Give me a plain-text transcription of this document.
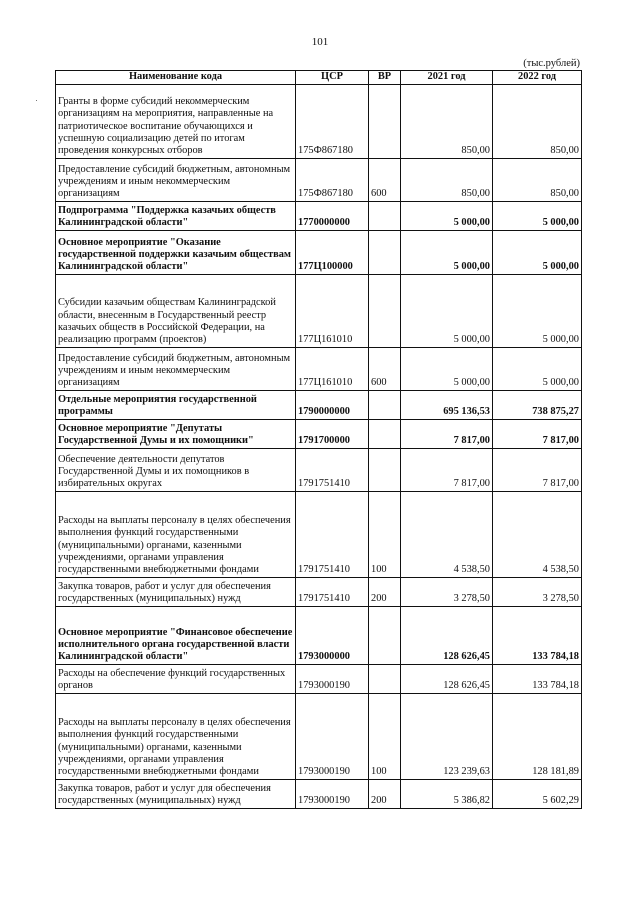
101
(тыс.рублей)
Наименование кода	ЦСР	ВР	2021 год	2022 год
Гранты в форме субсидий некоммерческим организациям на мероприятия, направленные на патриотическое воспитание обучающихся и успешную социализацию детей по итогам проведения конкурсных отборов	175Ф867180		850,00	850,00
Предоставление субсидий бюджетным, автономным учреждениям и иным некоммерческим организациям	175Ф867180	600	850,00	850,00
Подпрограмма "Поддержка казачьих обществ Калининградской области"	1770000000		5 000,00	5 000,00
Основное мероприятие "Оказание государственной поддержки казачьим обществам Калининградской области"	177Ц100000		5 000,00	5 000,00
Субсидии казачьим обществам Калининградской области, внесенным в Государственный реестр казачьих обществ в Российской Федерации, на реализацию программ (проектов)	177Ц161010		5 000,00	5 000,00
Предоставление субсидий бюджетным, автономным учреждениям и иным некоммерческим организациям	177Ц161010	600	5 000,00	5 000,00
Отдельные мероприятия государственной программы	1790000000		695 136,53	738 875,27
Основное мероприятие "Депутаты Государственной Думы и их помощники"	1791700000		7 817,00	7 817,00
Обеспечение деятельности депутатов Государственной Думы и их помощников в избирательных округах	1791751410		7 817,00	7 817,00
Расходы на выплаты персоналу в целях обеспечения выполнения функций государственными (муниципальными) органами, казенными учреждениями, органами управления государственными внебюджетными фондами	1791751410	100	4 538,50	4 538,50
Закупка товаров, работ и услуг для обеспечения государственных (муниципальных) нужд	1791751410	200	3 278,50	3 278,50
Основное мероприятие "Финансовое обеспечение исполнительного органа государственной власти Калининградской области"	1793000000		128 626,45	133 784,18
Расходы на обеспечение функций государственных органов	1793000190		128 626,45	133 784,18
Расходы на выплаты персоналу в целях обеспечения выполнения функций государственными (муниципальными) органами, казенными учреждениями, органами управления государственными внебюджетными фондами	1793000190	100	123 239,63	128 181,89
Закупка товаров, работ и услуг для обеспечения государственных (муниципальных) нужд	1793000190	200	5 386,82	5 602,29
